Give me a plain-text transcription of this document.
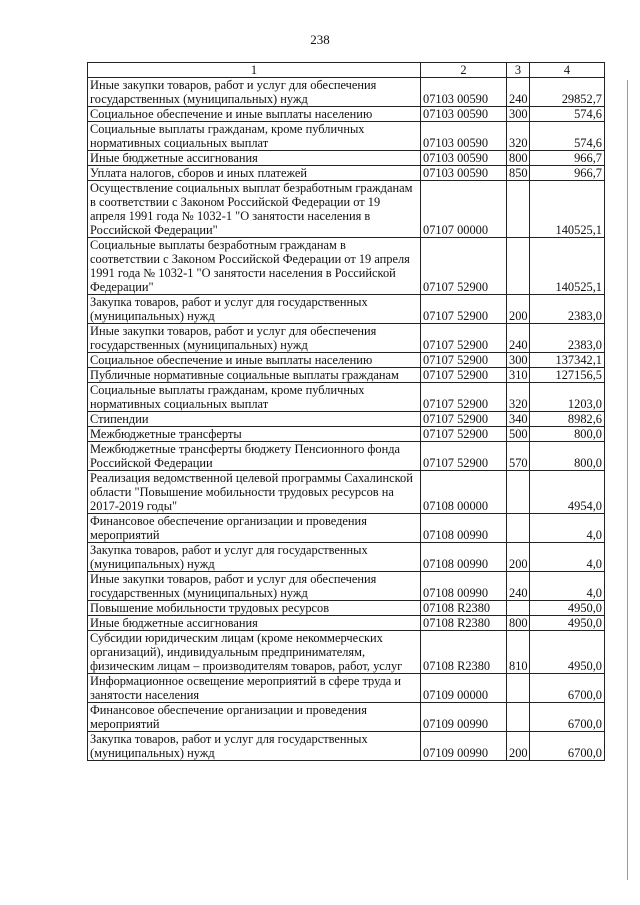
238
1	2	3	4
Иные закупки товаров, работ и услуг для обеспечения государственных (муниципальных) нужд	07103 00590	240	29852,7
Социальное обеспечение и иные выплаты населению	07103 00590	300	574,6
Социальные выплаты гражданам, кроме публичных нормативных социальных выплат	07103 00590	320	574,6
Иные бюджетные ассигнования	07103 00590	800	966,7
Уплата налогов, сборов и иных платежей	07103 00590	850	966,7
Осуществление социальных выплат безработным гражданам в соответствии с Законом Российской Федерации от 19 апреля 1991 года № 1032-1 "О занятости населения в Российской Федерации"	07107 00000		140525,1
Социальные выплаты безработным гражданам в соответствии с Законом Российской Федерации от 19 апреля 1991 года № 1032-1 "О занятости населения в Российской Федерации"	07107 52900		140525,1
Закупка товаров, работ и услуг для государственных (муниципальных) нужд	07107 52900	200	2383,0
Иные закупки товаров, работ и услуг для обеспечения государственных (муниципальных) нужд	07107 52900	240	2383,0
Социальное обеспечение и иные выплаты населению	07107 52900	300	137342,1
Публичные нормативные социальные выплаты гражданам	07107 52900	310	127156,5
Социальные выплаты гражданам, кроме публичных нормативных социальных выплат	07107 52900	320	1203,0
Стипендии	07107 52900	340	8982,6
Межбюджетные трансферты	07107 52900	500	800,0
Межбюджетные трансферты бюджету Пенсионного фонда Российской Федерации	07107 52900	570	800,0
Реализация ведомственной целевой программы Сахалинской области "Повышение мобильности трудовых ресурсов на 2017-2019 годы"	07108 00000		4954,0
Финансовое обеспечение организации и проведения мероприятий	07108 00990		4,0
Закупка товаров, работ и услуг для государственных (муниципальных) нужд	07108 00990	200	4,0
Иные закупки товаров, работ и услуг для обеспечения государственных (муниципальных) нужд	07108 00990	240	4,0
Повышение мобильности трудовых ресурсов	07108 R2380		4950,0
Иные бюджетные ассигнования	07108 R2380	800	4950,0
Субсидии юридическим лицам (кроме некоммерческих организаций), индивидуальным предпринимателям, физическим лицам – производителям товаров, работ, услуг	07108 R2380	810	4950,0
Информационное освещение мероприятий в сфере труда и занятости населения	07109 00000		6700,0
Финансовое обеспечение организации и проведения мероприятий	07109 00990		6700,0
Закупка товаров, работ и услуг для государственных (муниципальных) нужд	07109 00990	200	6700,0
